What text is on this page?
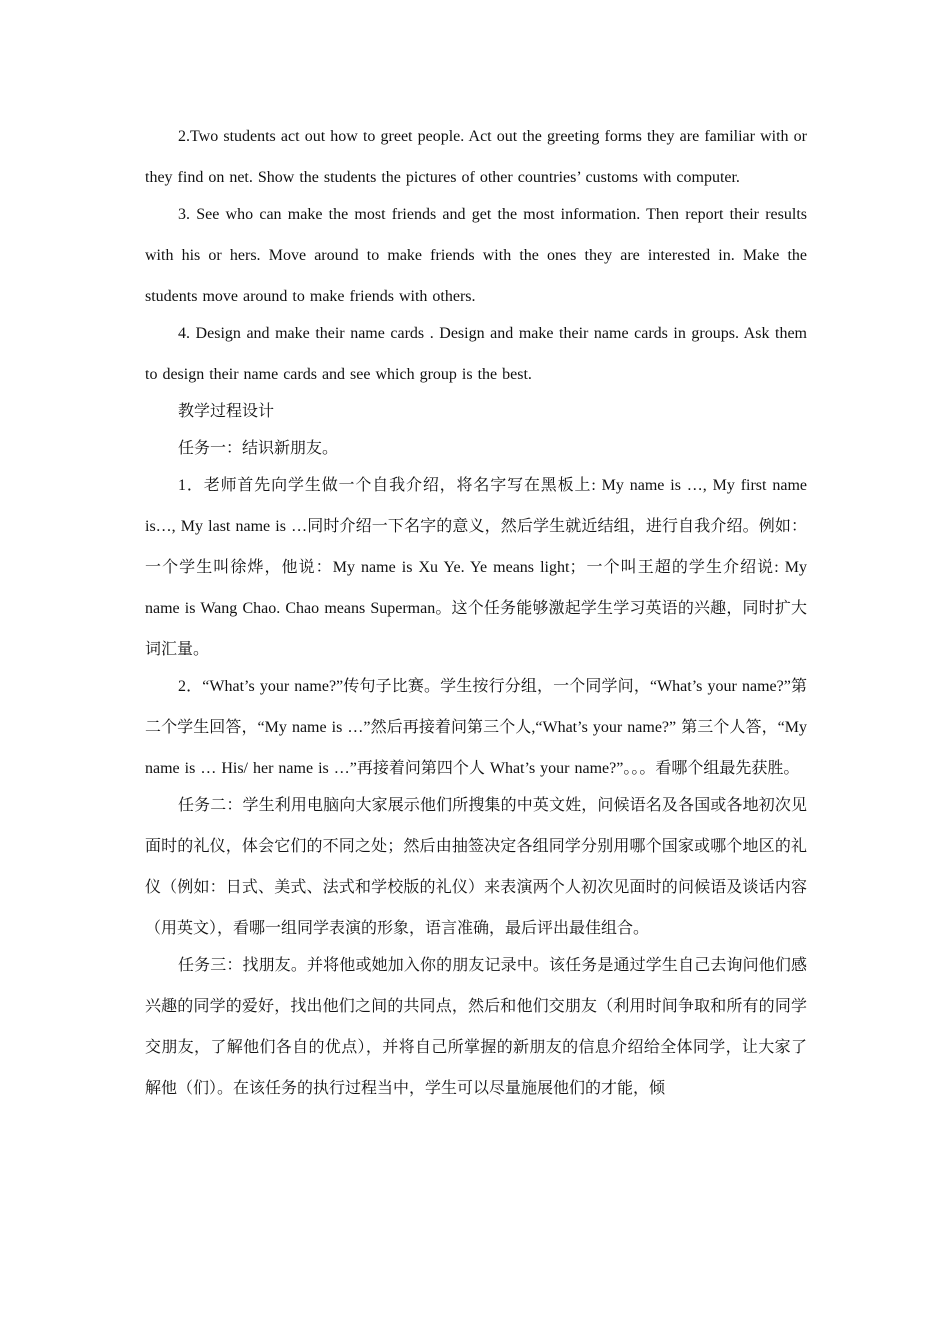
2.Two students act out how to greet people. Act out the greeting forms they are familiar with or they find on net. Show the students the pictures of other countries’ customs with computer.

3. See who can make the most friends and get the most information. Then report their results with his or hers. Move around to make friends with the ones they are interested in. Make the students move around to make friends with others.

4. Design and make their name cards . Design and make their name cards in groups. Ask them to design their name cards and see which group is the best.

教学过程设计

任务一：结识新朋友。

1．老师首先向学生做一个自我介绍，将名字写在黑板上: My name is …, My first name is…, My last name is …同时介绍一下名字的意义，然后学生就近结组，进行自我介绍。例如：一个学生叫徐烨，他说：My name is Xu Ye. Ye means light；一个叫王超的学生介绍说: My name is Wang Chao. Chao means Superman。这个任务能够激起学生学习英语的兴趣，同时扩大词汇量。

2．“What’s your name?”传句子比赛。学生按行分组，一个同学问，“What’s your name?”第二个学生回答，“My name is …”然后再接着问第三个人,“What’s your name?” 第三个人答，“My name is … His/ her name is …”再接着问第四个人 What’s your name?”。。。看哪个组最先获胜。

任务二：学生利用电脑向大家展示他们所搜集的中英文姓，问候语名及各国或各地初次见面时的礼仪，体会它们的不同之处；然后由抽签决定各组同学分别用哪个国家或哪个地区的礼仪（例如：日式、美式、法式和学校版的礼仪）来表演两个人初次见面时的问候语及谈话内容（用英文），看哪一组同学表演的形象，语言准确，最后评出最佳组合。

任务三：找朋友。并将他或她加入你的朋友记录中。该任务是通过学生自己去询问他们感兴趣的同学的爱好，找出他们之间的共同点，然后和他们交朋友（利用时间争取和所有的同学交朋友，了解他们各自的优点），并将自己所掌握的新朋友的信息介绍给全体同学，让大家了解他（们）。在该任务的执行过程当中，学生可以尽量施展他们的才能，倾
